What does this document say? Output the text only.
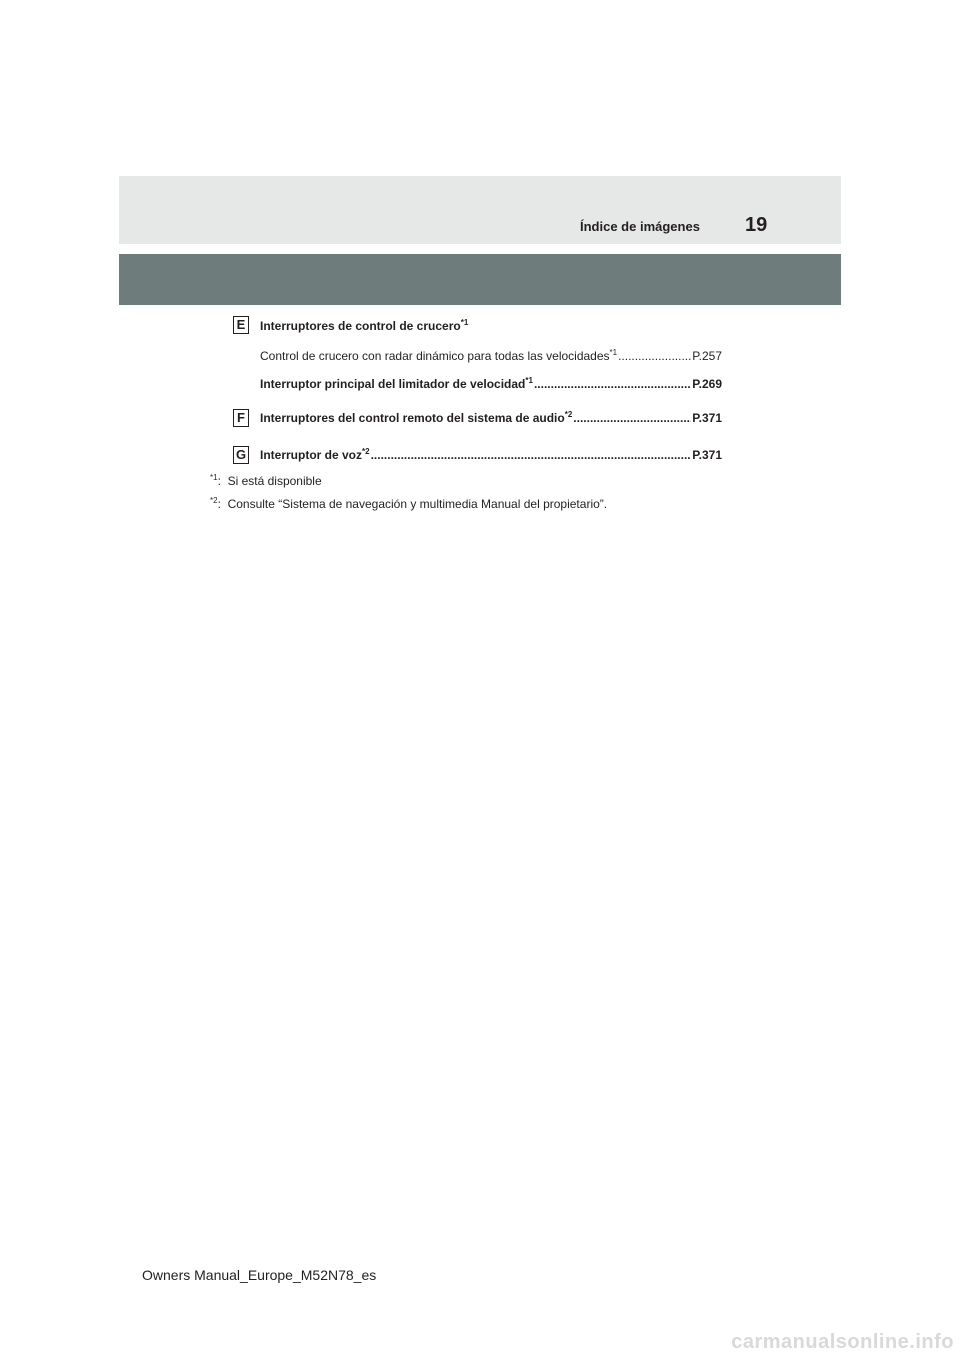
Índice de imágenes 19
E	Interruptores de control de crucero$^{*1}$
Control de crucero con radar dinámico para todas las velocidades$^{*1}$ .....	P.257
Interruptor principal del limitador de velocidad$^{*1}$ .....	P.269
F	Interruptores del control remoto del sistema de audio$^{*2}$ .....	P.371
G Interruptor de voz$^{*2}$ .....	P.371
$^{*1}$:  Si está disponible
$^{*2}$:  Consulte “Sistema de navegación y multimedia Manual del propietario”.
Owners Manual_Europe_M52N78_es
carmanualsonline.info
